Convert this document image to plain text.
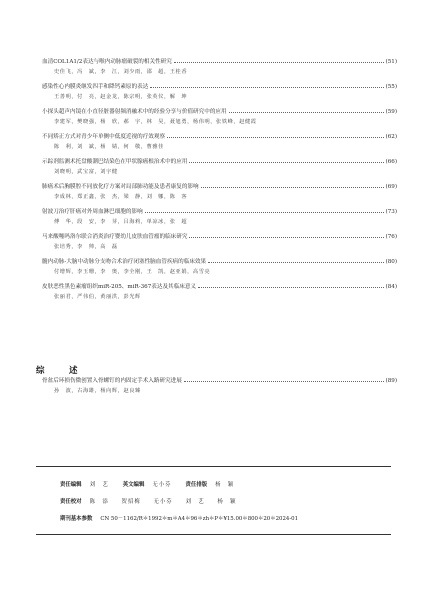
血清COL1A1/2表达与喉内动脉瘤破裂的相关性研究	(51)
史佳飞，冯　斌，李　江，刘少雨，邵　超，王桂香
感染性心内膜炎继发四手和降钙素原的表达	(55)
王善明，付　亮，赵金龙，陈宗明，张英仪，解　坤
小探头超声内镜在小直径脏器射频消融术中的经验分享与价值研究中的应用	(59)
李建军，樊晓强，杨　欣，郝　宇，林　昊，聂旭勇，杨伟明，张铁峰，赵健霞
不同矫正方式对青少年单侧中低度近视的疗效观察	(62)
陈　利，刘　斌，杨　婧，何　敬，曹雅佳
示踪剂监测术托盘酸潮巴结染色在甲状腺癌根治术中的应用	(66)
刘晓明，武宝富，刘宇健
肺癌术后胸膜腔不同放化疗方案对局部肺功能及患者康复的影响	(69)
李成林，郑正鑫，张　杰，梁　静，刘　娜，陈　客
射波刀治疗肝癌对外周血淋巴细胞的影响	(73)
傅　华，段　安，李　芽，吕海莉，单凉冰，张　超
马来酸噻吗洛尔联合消炎治疗婴幼儿皮肤血管瘤的临床研究	(76)
张培秀，李　帅，高　磊
髓内动脉-大脑中动脉分支吻合术治疗闭塞性脑血管疾病的临床效果	(80)
付增辉，李玉珊，李　奥，李全刚，王　凯，赵亚娟，高雪亮
皮肤恶性黑色素瘤组织miR-205、miR-367表达及其临床意义	(84)
张丽君，严伟伯，黄丽洪，彭光辉
综　述
骨盆后环损伤微创置入骨螺钉的内固定手术入路研究进展	(89)
孙　波，古海雄，杨向辉，赵良臻
责任编辑 刘　艺	英文编辑 无小芬	责任排版 杨　颖
责任校对 陈　添　　贺招梅　　无小芬　　刘　艺　　杨　颖
期刊基本参数 CN 50－1162/R＊1992＊m＊A4＊96＊zh＊P＊¥15.00＊800＊20＊2024-01
